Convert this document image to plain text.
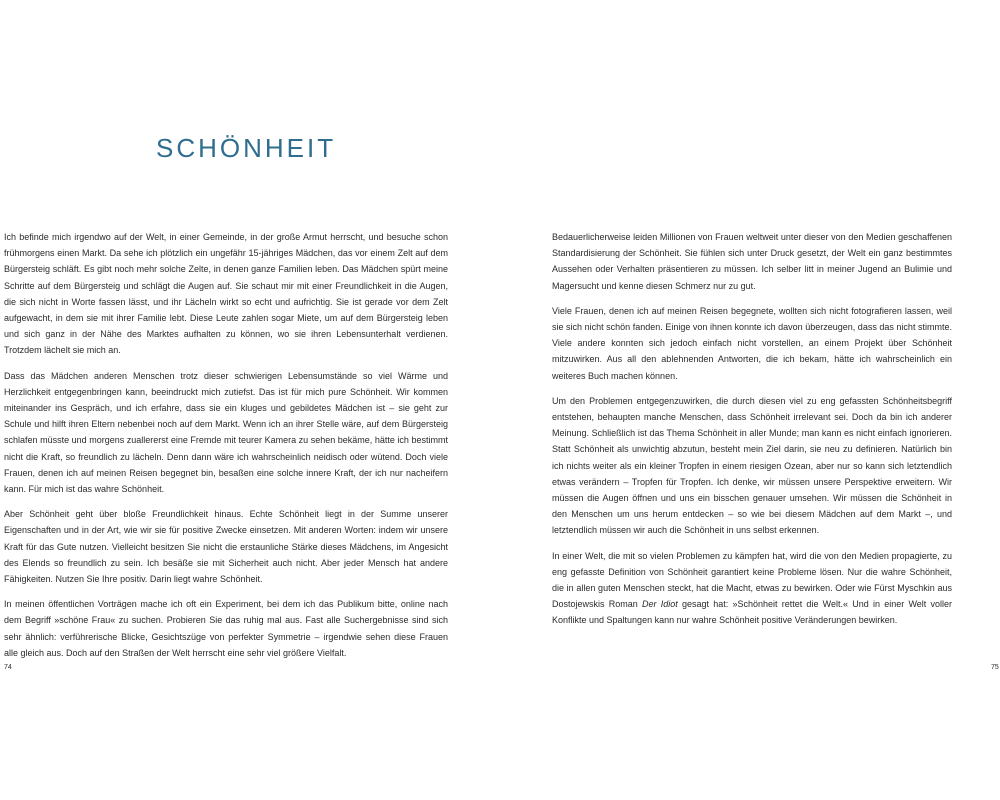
SCHÖNHEIT

Ich befinde mich irgendwo auf der Welt, in einer Gemeinde, in der große Armut herrscht, und besuche schon frühmorgens einen Markt. Da sehe ich plötzlich ein ungefähr 15-jähriges Mädchen, das vor einem Zelt auf dem Bürgersteig schläft. Es gibt noch mehr solche Zelte, in denen ganze Familien leben. Das Mädchen spürt meine Schritte auf dem Bürgersteig und schlägt die Augen auf. Sie schaut mir mit einer Freundlichkeit in die Augen, die sich nicht in Worte fassen lässt, und ihr Lächeln wirkt so echt und aufrichtig. Sie ist gerade vor dem Zelt aufgewacht, in dem sie mit ihrer Familie lebt. Diese Leute zahlen sogar Miete, um auf dem Bürgersteig leben und sich ganz in der Nähe des Marktes aufhalten zu können, wo sie ihren Lebensunterhalt verdienen. Trotzdem lächelt sie mich an.

Dass das Mädchen anderen Menschen trotz dieser schwierigen Lebensumstände so viel Wärme und Herzlichkeit entgegenbringen kann, beeindruckt mich zutiefst. Das ist für mich pure Schönheit. Wir kommen miteinander ins Gespräch, und ich erfahre, dass sie ein kluges und gebildetes Mädchen ist – sie geht zur Schule und hilft ihren Eltern nebenbei noch auf dem Markt. Wenn ich an ihrer Stelle wäre, auf dem Bürgersteig schlafen müsste und morgens zuallererst eine Fremde mit teurer Kamera zu sehen bekäme, hätte ich bestimmt nicht die Kraft, so freundlich zu lächeln. Denn dann wäre ich wahrscheinlich neidisch oder wütend. Doch viele Frauen, denen ich auf meinen Reisen begegnet bin, besaßen eine solche innere Kraft, der ich nur nacheifern kann. Für mich ist das wahre Schönheit.

Aber Schönheit geht über bloße Freundlichkeit hinaus. Echte Schönheit liegt in der Summe unserer Eigenschaften und in der Art, wie wir sie für positive Zwecke einsetzen. Mit anderen Worten: indem wir unsere Kraft für das Gute nutzen. Vielleicht besitzen Sie nicht die erstaunliche Stärke dieses Mädchens, im Angesicht des Elends so freundlich zu sein. Ich besäße sie mit Sicherheit auch nicht. Aber jeder Mensch hat andere Fähigkeiten. Nutzen Sie Ihre positiv. Darin liegt wahre Schönheit.

In meinen öffentlichen Vorträgen mache ich oft ein Experiment, bei dem ich das Publikum bitte, online nach dem Begriff »schöne Frau« zu suchen. Probieren Sie das ruhig mal aus. Fast alle Suchergebnisse sind sich sehr ähnlich: verführerische Blicke, Gesichtszüge von perfekter Symmetrie – irgendwie sehen diese Frauen alle gleich aus. Doch auf den Straßen der Welt herrscht eine sehr viel größere Vielfalt.

74

Bedauerlicherweise leiden Millionen von Frauen weltweit unter dieser von den Medien geschaffenen Standardisierung der Schönheit. Sie fühlen sich unter Druck gesetzt, der Welt ein ganz bestimmtes Aussehen oder Verhalten präsentieren zu müssen. Ich selber litt in meiner Jugend an Bulimie und Magersucht und kenne diesen Schmerz nur zu gut.

Viele Frauen, denen ich auf meinen Reisen begegnete, wollten sich nicht fotografieren lassen, weil sie sich nicht schön fanden. Einige von ihnen konnte ich davon überzeugen, dass das nicht stimmte. Viele andere konnten sich jedoch einfach nicht vorstellen, an einem Projekt über Schönheit mitzuwirken. Aus all den ablehnenden Antworten, die ich bekam, hätte ich wahrscheinlich ein weiteres Buch machen können.

Um den Problemen entgegenzuwirken, die durch diesen viel zu eng gefassten Schönheitsbegriff entstehen, behaupten manche Menschen, dass Schönheit irrelevant sei. Doch da bin ich anderer Meinung. Schließlich ist das Thema Schönheit in aller Munde; man kann es nicht einfach ignorieren. Statt Schönheit als unwichtig abzutun, besteht mein Ziel darin, sie neu zu definieren. Natürlich bin ich nichts weiter als ein kleiner Tropfen in einem riesigen Ozean, aber nur so kann sich letztendlich etwas verändern – Tropfen für Tropfen. Ich denke, wir müssen unsere Perspektive erweitern. Wir müssen die Augen öffnen und uns ein bisschen genauer umsehen. Wir müssen die Schönheit in den Menschen um uns herum entdecken – so wie bei diesem Mädchen auf dem Markt –, und letztendlich müssen wir auch die Schönheit in uns selbst erkennen.

In einer Welt, die mit so vielen Problemen zu kämpfen hat, wird die von den Medien propagierte, zu eng gefasste Definition von Schönheit garantiert keine Probleme lösen. Nur die wahre Schönheit, die in allen guten Menschen steckt, hat die Macht, etwas zu bewirken. Oder wie Fürst Myschkin aus Dostojewskis Roman Der Idiot gesagt hat: »Schönheit rettet die Welt.« Und in einer Welt voller Konflikte und Spaltungen kann nur wahre Schönheit positive Veränderungen bewirken.

75
